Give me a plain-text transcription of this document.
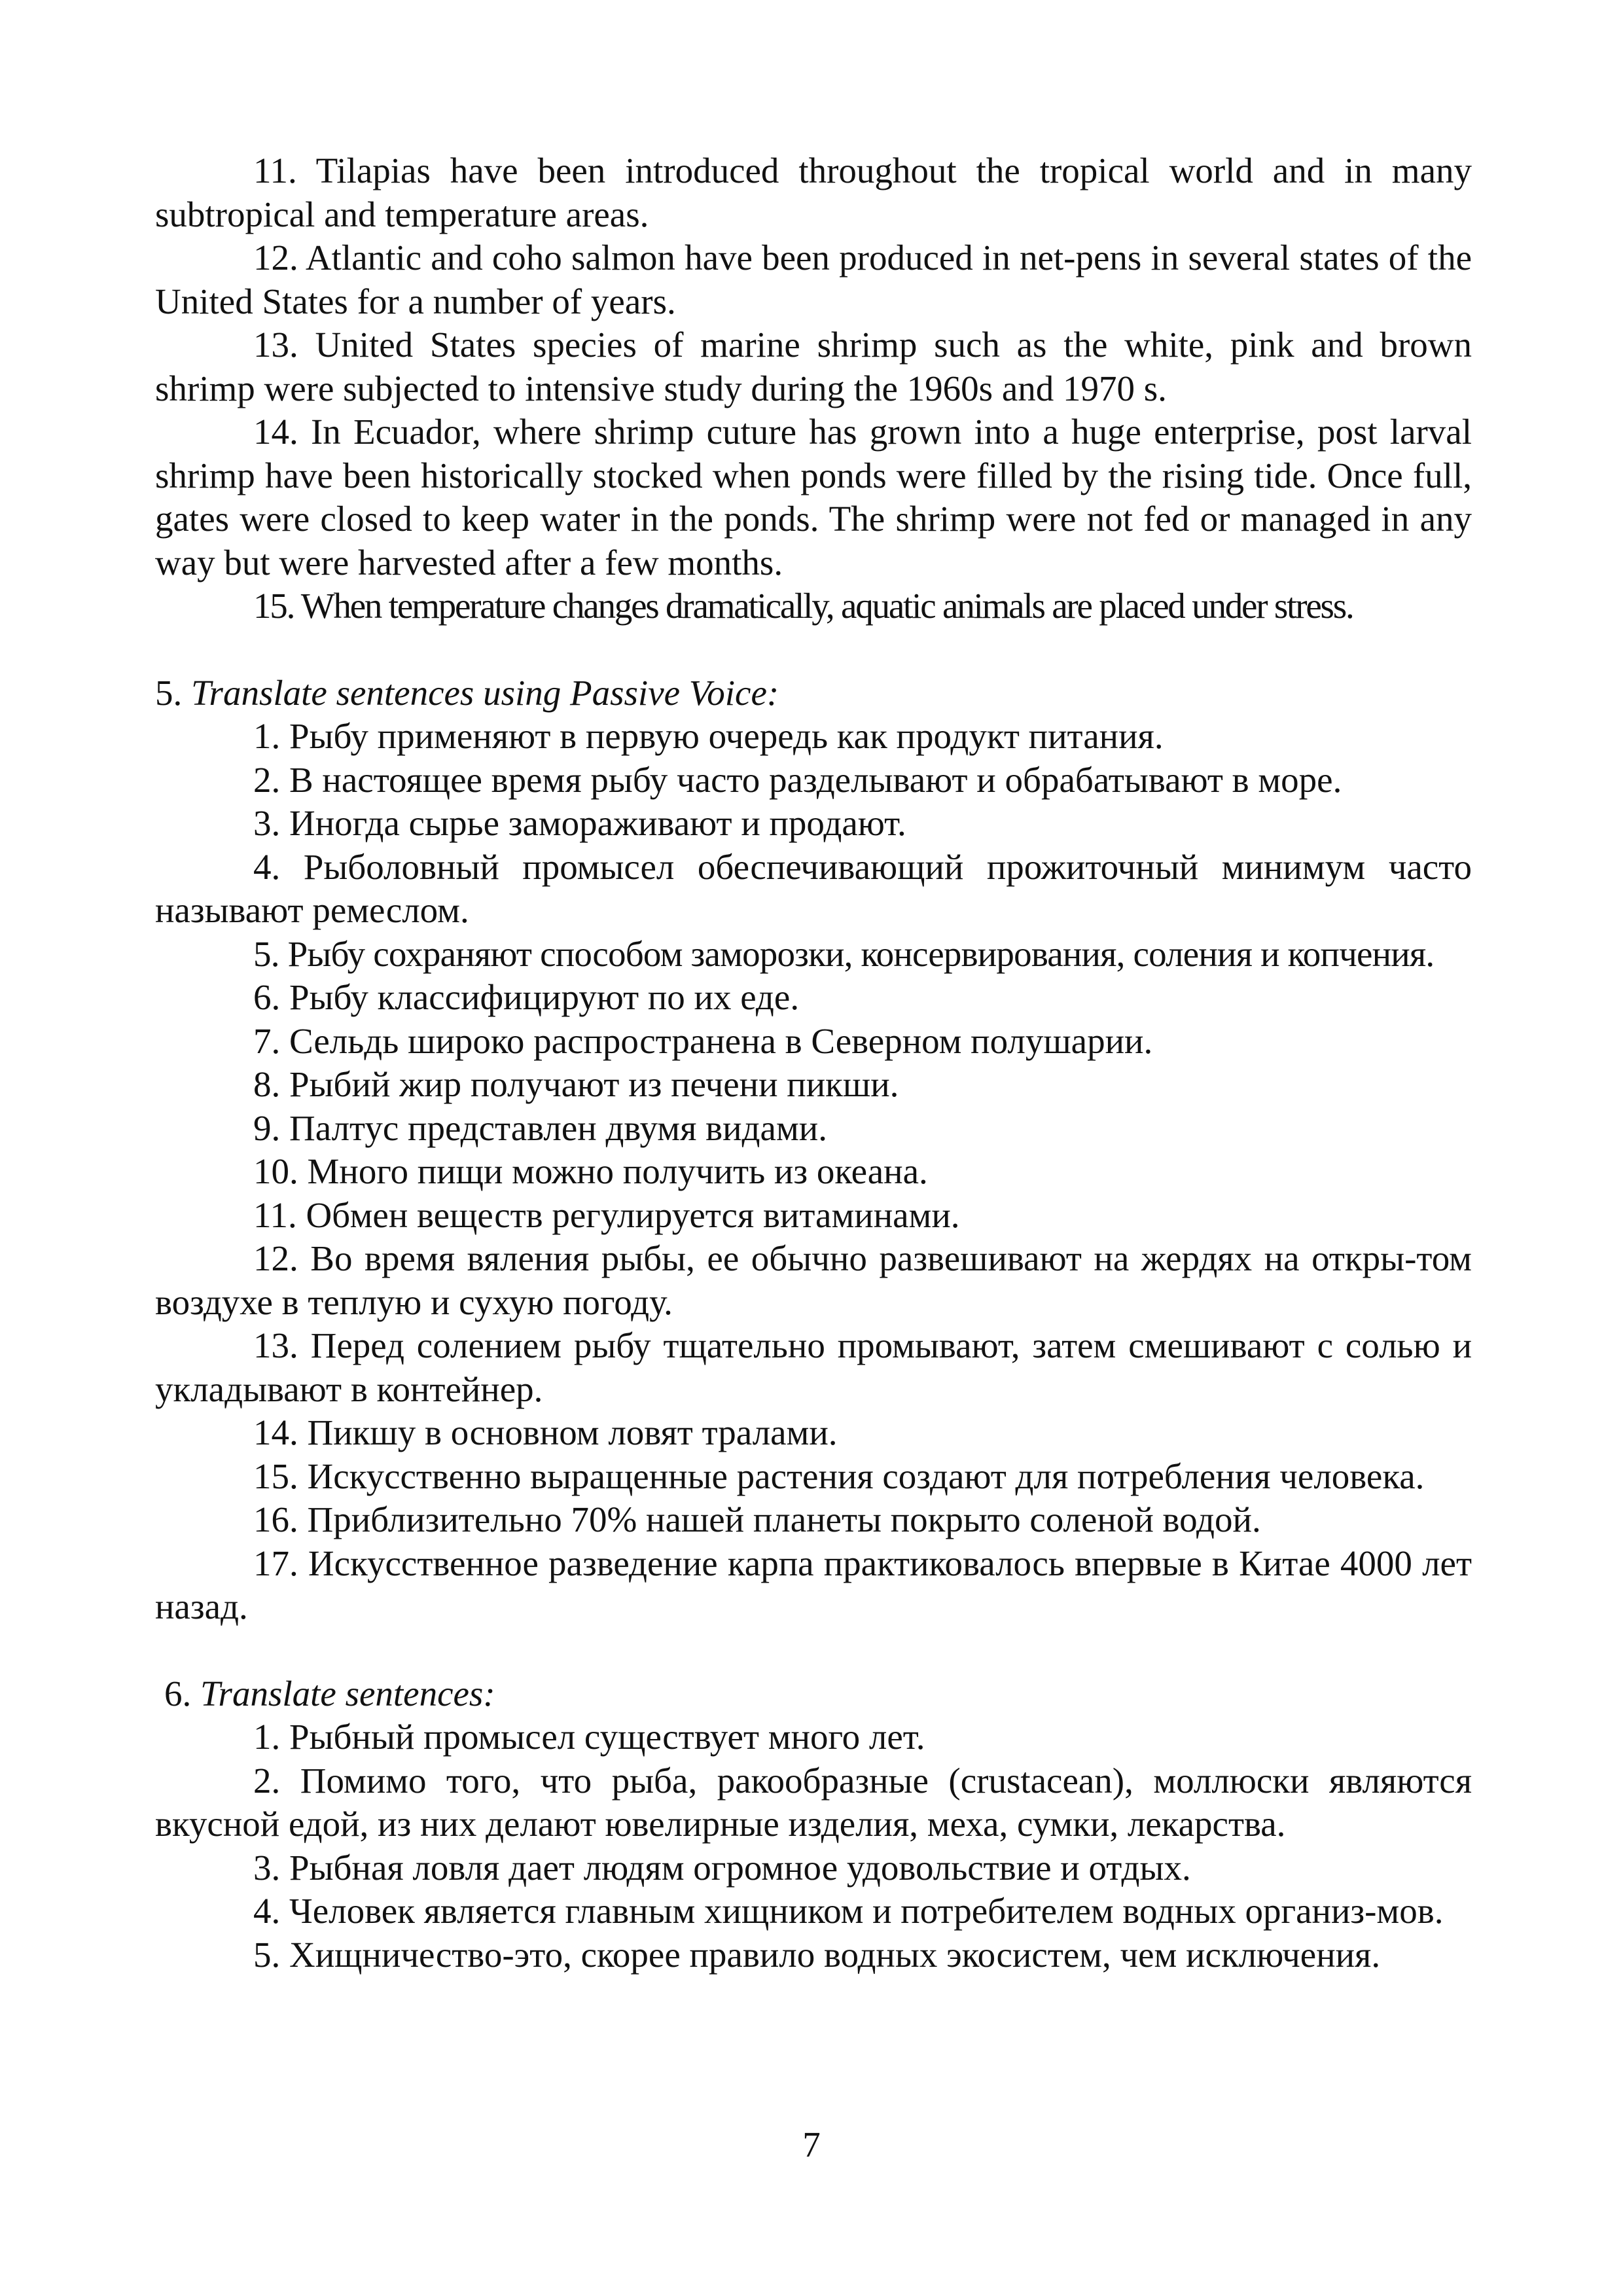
11. Tilapias have been introduced throughout the tropical world and in many subtropical and temperature areas.

12. Atlantic and coho salmon have been produced in net-pens in several states of the United States for a number of years.

13. United States species of marine shrimp such as the white, pink and brown shrimp were subjected to intensive study during the 1960s and 1970 s.

14. In Ecuador, where shrimp cuture has grown into a huge enterprise, post larval shrimp have been historically stocked when ponds were filled by the rising tide. Once full, gates were closed to keep water in the ponds. The shrimp were not fed or managed in any way but were harvested after a few months.

15. When temperature changes dramatically, aquatic animals are placed under stress.

5. Translate sentences using Passive Voice:

1. Рыбу применяют в первую очередь как продукт питания.

2. В настоящее время рыбу часто разделывают и обрабатывают в море.

3. Иногда сырье замораживают и продают.

4. Рыболовный промысел обеспечивающий прожиточный минимум часто называют ремеслом.

5. Рыбу сохраняют способом заморозки, консервирования, соления и копчения.

6. Рыбу классифицируют по их еде.

7. Сельдь широко распространена в Северном полушарии.

8. Рыбий жир получают из печени пикши.

9. Палтус представлен двумя видами.

10. Много пищи можно получить из океана.

11. Обмен веществ регулируется витаминами.

12. Во время вяления рыбы, ее обычно развешивают на жердях на откры-том воздухе в теплую и сухую погоду.

13. Перед солением рыбу тщательно промывают, затем смешивают с солью и укладывают в контейнер.

14. Пикшу в основном ловят тралами.

15. Искусственно выращенные растения создают для потребления человека.

16. Приблизительно 70% нашей планеты покрыто соленой водой.

17. Искусственное разведение карпа практиковалось впервые в Китае 4000 лет назад.

6. Translate sentences:

1. Рыбный промысел существует много лет.

2. Помимо того, что рыба, ракообразные (crustacean), моллюски являются вкусной едой, из них делают ювелирные изделия, меха, сумки, лекарства.

3. Рыбная ловля дает людям огромное удовольствие и отдых.

4. Человек является главным хищником и потребителем водных организ-мов.

5. Хищничество-это, скорее правило водных экосистем, чем исключения.

7
